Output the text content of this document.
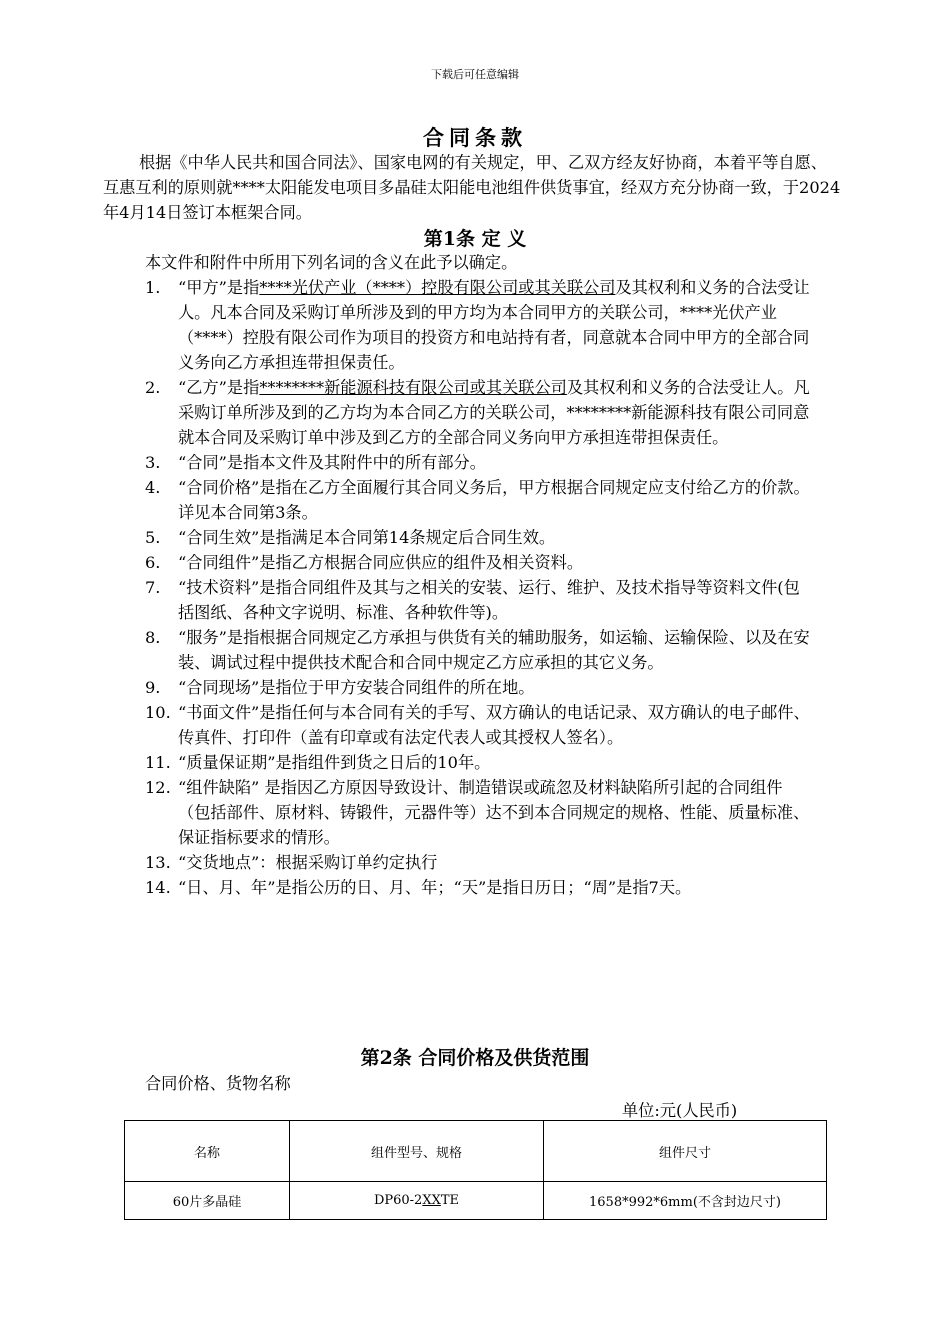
下载后可任意编辑
合同条款
根据《中华人民共和国合同法》、国家电网的有关规定，甲、乙双方经友好协商，本着平等自愿、互惠互利的原则就****太阳能发电项目多晶硅太阳能电池组件供货事宜，经双方充分协商一致，于2024年4月14日签订本框架合同。
第1条 定 义
本文件和附件中所用下列名词的含义在此予以确定。
1.	“甲方”是指****光伏产业（****）控股有限公司或其关联公司及其权利和义务的合法受让人。凡本合同及采购订单所涉及到的甲方均为本合同甲方的关联公司，****光伏产业（****）控股有限公司作为项目的投资方和电站持有者，同意就本合同中甲方的全部合同义务向乙方承担连带担保责任。
2.	“乙方”是指********新能源科技有限公司或其关联公司及其权利和义务的合法受让人。凡采购订单所涉及到的乙方均为本合同乙方的关联公司，********新能源科技有限公司同意就本合同及采购订单中涉及到乙方的全部合同义务向甲方承担连带担保责任。
3.	“合同”是指本文件及其附件中的所有部分。
4.	“合同价格”是指在乙方全面履行其合同义务后，甲方根据合同规定应支付给乙方的价款。详见本合同第3条。
5.	“合同生效”是指满足本合同第14条规定后合同生效。
6.	“合同组件”是指乙方根据合同应供应的组件及相关资料。
7.	“技术资料”是指合同组件及其与之相关的安装、运行、维护、及技术指导等资料文件(包括图纸、各种文字说明、标准、各种软件等)。
8.	“服务”是指根据合同规定乙方承担与供货有关的辅助服务，如运输、运输保险、以及在安装、调试过程中提供技术配合和合同中规定乙方应承担的其它义务。
9.	“合同现场”是指位于甲方安装合同组件的所在地。
10. “书面文件”是指任何与本合同有关的手写、双方确认的电话记录、双方确认的电子邮件、传真件、打印件（盖有印章或有法定代表人或其授权人签名）。
11. “质量保证期”是指组件到货之日后的10年。
12. “组件缺陷” 是指因乙方原因导致设计、制造错误或疏忽及材料缺陷所引起的合同组件（包括部件、原材料、铸锻件，元器件等）达不到本合同规定的规格、性能、质量标准、保证指标要求的情形。
13. “交货地点”：根据采购订单约定执行
14. “日、月、年”是指公历的日、月、年；“天”是指日历日；“周”是指7天。
第2条 合同价格及供货范围
合同价格、货物名称
单位:元(人民币)
名称	组件型号、规格	组件尺寸
60片多晶硅	DP60-2XXTE	1658*992*6mm(不含封边尺寸)
